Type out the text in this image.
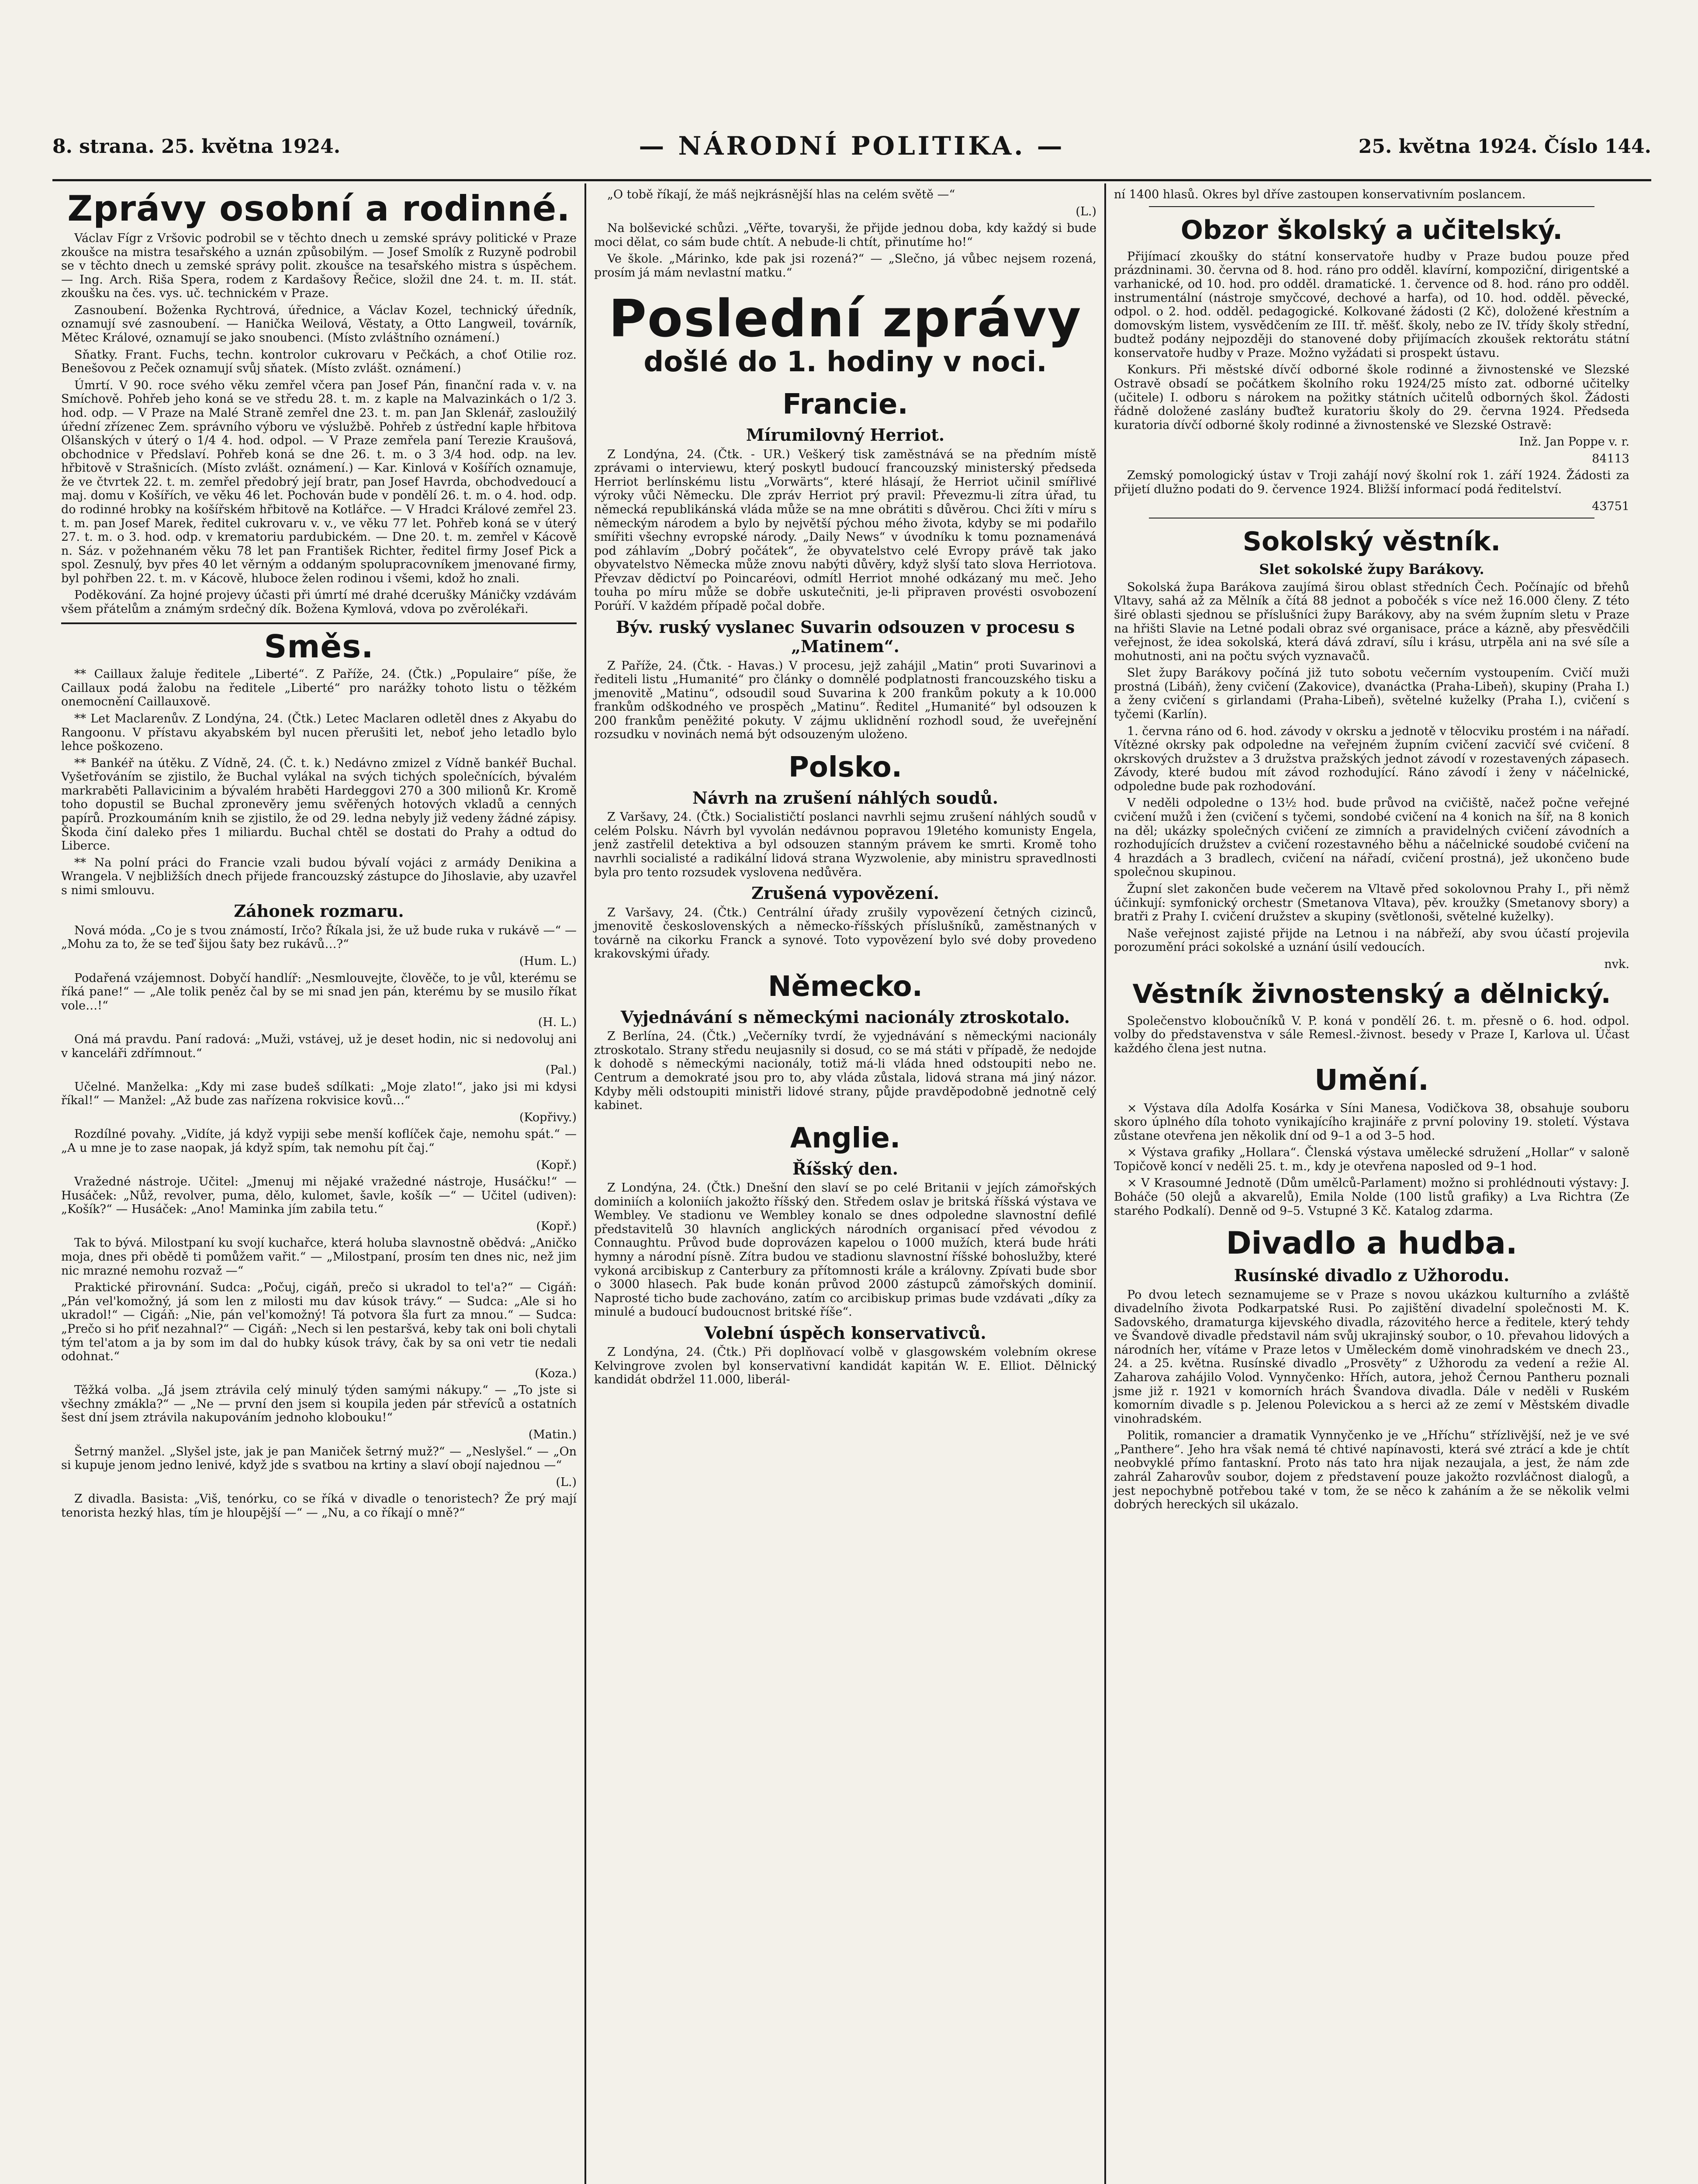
8. strana. 25. května 1924.	— NÁRODNÍ POLITIKA. —	25. května 1924. Číslo 144.
Zprávy osobní a rodinné.

Václav Fígr z Vršovic podrobil se v těchto dnech u zemské správy politické v Praze zkoušce na mistra tesařského a uznán způsobilým. — Josef Smolík z Ruzyně podrobil se v těchto dnech u zemské správy polit. zkoušce na tesařského mistra s úspěchem. — Ing. Arch. Riša Spera, rodem z Kardašovy Řečice, složil dne 24. t. m. II. stát. zkoušku na čes. vys. uč. technickém v Praze.

Zasnoubení. Boženka Rychtrová, úřednice, a Václav Kozel, technický úředník, oznamují své zasnoubení. — Hanička Weilová, Věstaty, a Otto Langweil, továrník, Mětec Králové, oznamují se jako snoubenci. (Místo zvláštního oznámení.)

Sňatky. Frant. Fuchs, techn. kontrolor cukrovaru v Pečkách, a choť Otilie roz. Benešovou z Peček oznamují svůj sňatek. (Místo zvlášt. oznámení.)

Úmrtí. V 90. roce svého věku zemřel včera pan Josef Pán, finanční rada v. v. na Smíchově. Pohřeb jeho koná se ve středu 28. t. m. z kaple na Malvazinkách o 1/2 3. hod. odp. — V Praze na Malé Straně zemřel dne 23. t. m. pan Jan Sklenář, zasloužilý úřední zřízenec Zem. správního výboru ve výslužbě. Pohřeb z ústřední kaple hřbitova Olšanských v úterý o 1/4 4. hod. odpol. — V Praze zemřela paní Terezie Kraušová, obchodnice v Předslaví. Pohřeb koná se dne 26. t. m. o 3 3/4 hod. odp. na lev. hřbitově v Strašnicích. (Místo zvlášt. oznámení.) — Kar. Kinlová v Košířích oznamuje, že ve čtvrtek 22. t. m. zemřel předobrý její bratr, pan Josef Havrda, obchodvedoucí a maj. domu v Košířích, ve věku 46 let. Pochován bude v pondělí 26. t. m. o 4. hod. odp. do rodinné hrobky na košířském hřbitově na Kotlářce. — V Hradci Králové zemřel 23. t. m. pan Josef Marek, ředitel cukrovaru v. v., ve věku 77 let. Pohřeb koná se v úterý 27. t. m. o 3. hod. odp. v krematoriu pardubickém. — Dne 20. t. m. zemřel v Kácově n. Sáz. v požehnaném věku 78 let pan František Richter, ředitel firmy Josef Pick a spol. Zesnulý, byv přes 40 let věrným a oddaným spolupracovníkem jmenované firmy, byl pohřben 22. t. m. v Kácově, hluboce želen rodinou i všemi, kdož ho znali.

Poděkování. Za hojné projevy účasti při úmrtí mé drahé dcerušky Máničky vzdávám všem přátelům a známým srdečný dík. Božena Kymlová, vdova po zvěrolékaři.

Směs.

** Caillaux žaluje ředitele „Liberté“. Z Paříže, 24. (Čtk.) „Populaire“ píše, že Caillaux podá žalobu na ředitele „Liberté“ pro narážky tohoto listu o těžkém onemocnění Caillauxově.

** Let Maclarenův. Z Londýna, 24. (Čtk.) Letec Maclaren odletěl dnes z Akyabu do Rangoonu. V přístavu akyabském byl nucen přerušiti let, neboť jeho letadlo bylo lehce poškozeno.

** Bankéř na útěku. Z Vídně, 24. (Č. t. k.) Nedávno zmizel z Vídně bankéř Buchal. Vyšetřováním se zjistilo, že Buchal vylákal na svých tichých společnících, bývalém markraběti Pallavicinim a bývalém hraběti Hardeggovi 270 a 300 milionů Kr. Kromě toho dopustil se Buchal zpronevěry jemu svěřených hotových vkladů a cenných papírů. Prozkoumáním knih se zjistilo, že od 29. ledna nebyly již vedeny žádné zápisy. Škoda činí daleko přes 1 miliardu. Buchal chtěl se dostati do Prahy a odtud do Liberce.

** Na polní práci do Francie vzali budou bývalí vojáci z armády Denikina a Wrangela. V nejbližších dnech přijede francouzský zástupce do Jihoslavie, aby uzavřel s nimi smlouvu.

Záhonek rozmaru.

Nová móda. „Co je s tvou známostí, Irčo? Říkala jsi, že už bude ruka v rukávě —“ — „Mohu za to, že se teď šijou šaty bez rukávů…?“

(Hum. L.)

Podařená vzájemnost. Dobyčí handlíř: „Nesmlouvejte, člověče, to je vůl, kterému se říká pane!“ — „Ale tolik peněz čal by se mi snad jen pán, kterému by se musilo říkat vole…!“

(H. L.)

Oná má pravdu. Paní radová: „Muži, vstávej, už je deset hodin, nic si nedovoluj ani v kanceláři zdřímnout.“

(Pal.)

Učelné. Manželka: „Kdy mi zase budeš sdílkati: „Moje zlato!“, jako jsi mi kdysi říkal!“ — Manžel: „Až bude zas nařízena rokvisice kovů…“

(Kopřivy.)

Rozdílné povahy. „Vidíte, já když vypiji sebe menší koflíček čaje, nemohu spát.“ — „A u mne je to zase naopak, já když spím, tak nemohu pít čaj.“

(Kopř.)

Vražedné nástroje. Učitel: „Jmenuj mi nějaké vražedné nástroje, Husáčku!“ — Husáček: „Nůž, revolver, puma, dělo, kulomet, šavle, košík —“ — Učitel (udiven): „Košík?“ — Husáček: „Ano! Maminka jím zabila tetu.“

(Kopř.)

Tak to bývá. Milostpaní ku svojí kuchařce, která holuba slavnostně obědvá: „Aničko moja, dnes při obědě ti pomůžem vařit.“ — „Milostpaní, prosím ten dnes nic, než jim nic mrazné nemohu rozvaž —“

Praktické přirovnání. Sudca: „Počuj, cigáň, prečo si ukradol to tel'a?“ — Cigáň: „Pán vel'komožný, já som len z milosti mu dav kúsok trávy.“ — Sudca: „Ale si ho ukradol!“ — Cigáň: „Nie, pán vel'komožný! Tá potvora šla furt za mnou.“ — Sudca: „Prečo si ho pŕiť nezahnal?“ — Cigáň: „Nech si len pestaršvá, keby tak oni boli chytali tým tel'atom a ja by som im dal do hubky kúsok trávy, čak by sa oni vetr tie nedali odohnat.“

(Koza.)

Těžká volba. „Já jsem ztrávila celý minulý týden samými nákupy.“ — „To jste si všechny zmákla?“ — „Ne — první den jsem si koupila jeden pár střevíců a ostatních šest dní jsem ztrávila nakupováním jednoho klobouku!“

(Matin.)

Šetrný manžel. „Slyšel jste, jak je pan Maniček šetrný muž?“ — „Neslyšel.“ — „On si kupuje jenom jedno lenivé, když jde s svatbou na krtiny a slaví obojí najednou —“

(L.)

Z divadla. Basista: „Viš, tenórku, co se říká v divadle o tenoristech? Že prý mají tenorista hezký hlas, tím je hloupější —“ — „Nu, a co říkají o mně?“

„O tobě říkají, že máš nejkrásnější hlas na celém světě —“

(L.)

Na bolševické schůzi. „Věřte, tovaryši, že přijde jednou doba, kdy každý si bude moci dělat, co sám bude chtít. A nebude-li chtít, přinutíme ho!“

Ve škole. „Márinko, kde pak jsi rozená?“ — „Slečno, já vůbec nejsem rozená, prosím já mám nevlastní matku.“

Poslední zprávy
došlé do 1. hodiny v noci.
Francie.
Mírumilovný Herriot.

Z Londýna, 24. (Čtk. - UR.) Veškerý tisk zaměstnává se na předním místě zprávami o interviewu, který poskytl budoucí francouzský ministerský předseda Herriot berlínskému listu „Vorwärts“, které hlásají, že Herriot učinil smířlivé výroky vůči Německu. Dle zpráv Herriot prý pravil: Převezmu-li zítra úřad, tu německá republikánská vláda může se na mne obrátiti s důvěrou. Chci žíti v míru s německým národem a bylo by největší pýchou mého života, kdyby se mi podařilo smířiti všechny evropské národy. „Daily News“ v úvodníku k tomu poznamenává pod záhlavím „Dobrý počátek“, že obyvatelstvo celé Evropy právě tak jako obyvatelstvo Německa může znovu nabýti důvěry, když slyší tato slova Herriotova. Převzav dědictví po Poincaréovi, odmítl Herriot mnohé odkázaný mu meč. Jeho touha po míru může se dobře uskutečniti, je-li připraven provésti osvobození Porúří. V každém případě počal dobře.

Býv. ruský vyslanec Suvarin odsouzen v procesu s „Matinem“.

Z Paříže, 24. (Čtk. - Havas.) V procesu, jejž zahájil „Matin“ proti Suvarinovi a řediteli listu „Humanité“ pro články o domnělé podplatnosti francouzského tisku a jmenovitě „Matinu“, odsoudil soud Suvarina k 200 frankům pokuty a k 10.000 frankům odškodného ve prospěch „Matinu“. Ředitel „Humanité“ byl odsouzen k 200 frankům peněžité pokuty. V zájmu uklidnění rozhodl soud, že uveřejnění rozsudku v novinách nemá být odsouzeným uloženo.

Polsko.
Návrh na zrušení náhlých soudů.

Z Varšavy, 24. (Čtk.) Socialističtí poslanci navrhli sejmu zrušení náhlých soudů v celém Polsku. Návrh byl vyvolán nedávnou popravou 19letého komunisty Engela, jenž zastřelil detektiva a byl odsouzen stanným právem ke smrti. Kromě toho navrhli socialisté a radikální lidová strana Wyzwolenie, aby ministru spravedlnosti byla pro tento rozsudek vyslovena nedůvěra.

Zrušená vypovězení.

Z Varšavy, 24. (Čtk.) Centrální úřady zrušily vypovězení četných cizinců, jmenovitě československých a německo-říšských příslušníků, zaměstnaných v továrně na cikorku Franck a synové. Toto vypovězení bylo své doby provedeno krakovskými úřady.

Německo.
Vyjednávání s německými nacionály ztroskotalo.

Z Berlína, 24. (Čtk.) „Večerníky tvrdí, že vyjednávání s německými nacionály ztroskotalo. Strany středu neujasnily si dosud, co se má státi v případě, že nedojde k dohodě s německými nacionály, totiž má-li vláda hned odstoupiti nebo ne. Centrum a demokraté jsou pro to, aby vláda zůstala, lidová strana má jiný názor. Kdyby měli odstoupiti ministři lidové strany, půjde pravděpodobně jednotně celý kabinet.

Anglie.
Říšský den.

Z Londýna, 24. (Čtk.) Dnešní den slaví se po celé Britanii v jejích zámořských dominiích a koloniích jakožto říšský den. Středem oslav je britská říšská výstava ve Wembley. Ve stadionu ve Wembley konalo se dnes odpoledne slavnostní defilé představitelů 30 hlavních anglických národních organisací před vévodou z Connaughtu. Průvod bude doprovázen kapelou o 1000 mužích, která bude hráti hymny a národní písně. Zítra budou ve stadionu slavnostní říšské bohoslužby, které vykoná arcibiskup z Canterbury za přítomnosti krále a královny. Zpívati bude sbor o 3000 hlasech. Pak bude konán průvod 2000 zástupců zámořských dominií. Naprosté ticho bude zachováno, zatím co arcibiskup primas bude vzdávati „díky za minulé a budoucí budoucnost britské říše“.

Volební úspěch konservativců.

Z Londýna, 24. (Čtk.) Při doplňovací volbě v glasgowském volebním okrese Kelvingrove zvolen byl konservativní kandidát kapitán W. E. Elliot. Dělnický kandidát obdržel 11.000, liberál-

ní 1400 hlasů. Okres byl dříve zastoupen konservativním poslancem.

Obzor školský a učitelský.

Přijímací zkoušky do státní konservatoře hudby v Praze budou pouze před prázdninami. 30. června od 8. hod. ráno pro odděl. klavírní, kompoziční, dirigentské a varhanické, od 10. hod. pro odděl. dramatické. 1. července od 8. hod. ráno pro odděl. instrumentální (nástroje smyčcové, dechové a harfa), od 10. hod. odděl. pěvecké, odpol. o 2. hod. odděl. pedagogické. Kolkované žádosti (2 Kč), doložené křestním a domovským listem, vysvědčením ze III. tř. měšť. školy, nebo ze IV. třídy školy střední, budtež podány nejpozději do stanovené doby přijímacích zkoušek rektorátu státní konservatoře hudby v Praze. Možno vyžádati si prospekt ústavu.

Konkurs. Při městské dívčí odborné škole rodinné a živnostenské ve Slezské Ostravě obsadí se počátkem školního roku 1924/25 místo zat. odborné učitelky (učitele) I. odboru s nárokem na požitky státních učitelů odborných škol. Žádosti řádně doložené zaslány buďtež kuratoriu školy do 29. června 1924. Předseda kuratoria dívčí odborné školy rodinné a živnostenské ve Slezské Ostravě:

Inž. Jan Poppe v. r.

84113

Zemský pomologický ústav v Troji zahájí nový školní rok 1. září 1924. Žádosti za přijetí dlužno podati do 9. července 1924. Bližší informací podá ředitelství.

43751

Sokolský věstník.
Slet sokolské župy Barákovy.

Sokolská župa Barákova zaujímá širou oblast středních Čech. Počínajíc od břehů Vltavy, sahá až za Mělník a čítá 88 jednot a pobočék s více než 16.000 členy. Z této širé oblasti sjednou se příslušníci župy Barákovy, aby na svém župním sletu v Praze na hřišti Slavie na Letné podali obraz své organisace, práce a kázně, aby přesvědčili veřejnost, že idea sokolská, která dává zdraví, sílu i krásu, utrpěla ani na své síle a mohutnosti, ani na počtu svých vyznavačů.

Slet župy Barákovy počíná již tuto sobotu večerním vystoupením. Cvičí muži prostná (Libáň), ženy cvičení (Zakovice), dvanáctka (Praha-Libeň), skupiny (Praha I.) a ženy cvičení s girlandami (Praha-Libeň), světelné kuželky (Praha I.), cvičení s tyčemi (Karlín).

1. června ráno od 6. hod. závody v okrsku a jednotě v tělocviku prostém i na nářadí. Vítězné okrsky pak odpoledne na veřejném župním cvičení zacvičí své cvičení. 8 okrskových družstev a 3 družstva pražských jednot závodí v rozestavených zápasech. Závody, které budou mít závod rozhodující. Ráno závodí i ženy v náčelnické, odpoledne bude pak rozhodování.

V neděli odpoledne o 13½ hod. bude průvod na cvičiště, načež počne veřejné cvičení mužů i žen (cvičení s tyčemi, sondobé cvičení na 4 konich na šíř, na 8 konich na děl; ukázky společných cvičení ze zimních a pravidelných cvičení závodních a rozhodujících družstev a cvičení rozestavného běhu a náčelnické soudobé cvičení na 4 hrazdách a 3 bradlech, cvičení na nářadí, cvičení prostná), jež ukončeno bude společnou skupinou.

Župní slet zakončen bude večerem na Vltavě před sokolovnou Prahy I., při němž účinkují: symfonický orchestr (Smetanova Vltava), pěv. kroužky (Smetanovy sbory) a bratři z Prahy I. cvičení družstev a skupiny (světlonoši, světelné kuželky).

Naše veřejnost zajisté přijde na Letnou i na nábřeží, aby svou účastí projevila porozumění práci sokolské a uznání úsilí vedoucích.

nvk.

Věstník živnostenský a dělnický.

Společenstvo kloboučníků V. P. koná v pondělí 26. t. m. přesně o 6. hod. odpol. volby do představenstva v sále Remesl.-živnost. besedy v Praze I, Karlova ul. Účast každého člena jest nutna.

Umění.

× Výstava díla Adolfa Kosárka v Síni Manesa, Vodičkova 38, obsahuje souboru skoro úplného díla tohoto vynikajícího krajináře z první poloviny 19. století. Výstava zůstane otevřena jen několik dní od 9–1 a od 3–5 hod.

× Výstava grafiky „Hollara“. Členská výstava umělecké sdružení „Hollar“ v saloně Topičově koncí v neděli 25. t. m., kdy je otevřena naposled od 9–1 hod.

× V Krasoumné Jednotě (Dům umělců-Parlament) možno si prohlédnouti výstavy: J. Boháče (50 olejů a akvarelů), Emila Nolde (100 listů grafiky) a Lva Richtra (Ze starého Podkalí). Denně od 9–5. Vstupné 3 Kč. Katalog zdarma.

Divadlo a hudba.
Rusínské divadlo z Užhorodu.

Po dvou letech seznamujeme se v Praze s novou ukázkou kulturního a zvláště divadelního života Podkarpatské Rusi. Po zajištění divadelní společnosti M. K. Sadovského, dramaturga kijevského divadla, rázovitého herce a ředitele, který tehdy ve Švandově divadle představil nám svůj ukrajinský soubor, o 10. převahou lidových a národních her, vítáme v Praze letos v Uměleckém domě vinohradském ve dnech 23., 24. a 25. května. Rusínské divadlo „Prosvěty“ z Užhorodu za vedení a režie Al. Zaharova zahájilo Volod. Vynnyčenko: Hřích, autora, jehož Černou Pantheru poznali jsme již r. 1921 v komorních hrách Švandova divadla. Dále v neděli v Ruském komorním divadle s p. Jelenou Polevickou a s herci až ze zemí v Městském divadle vinohradském.

Politik, romancier a dramatik Vynnyčenko je ve „Hříchu“ střízlivější, než je ve své „Panthere“. Jeho hra však nemá té chtivé napínavosti, která své ztrácí a kde je chtít neobvyklé přímo fantaskní. Proto nás tato hra nijak nezaujala, a jest, že nám zde zahrál Zaharovův soubor, dojem z představení pouze jakožto rozvláčnost dialogů, a jest nepochybně potřebou také v tom, že se něco k zaháním a že se několik velmi dobrých hereckých sil ukázalo.
